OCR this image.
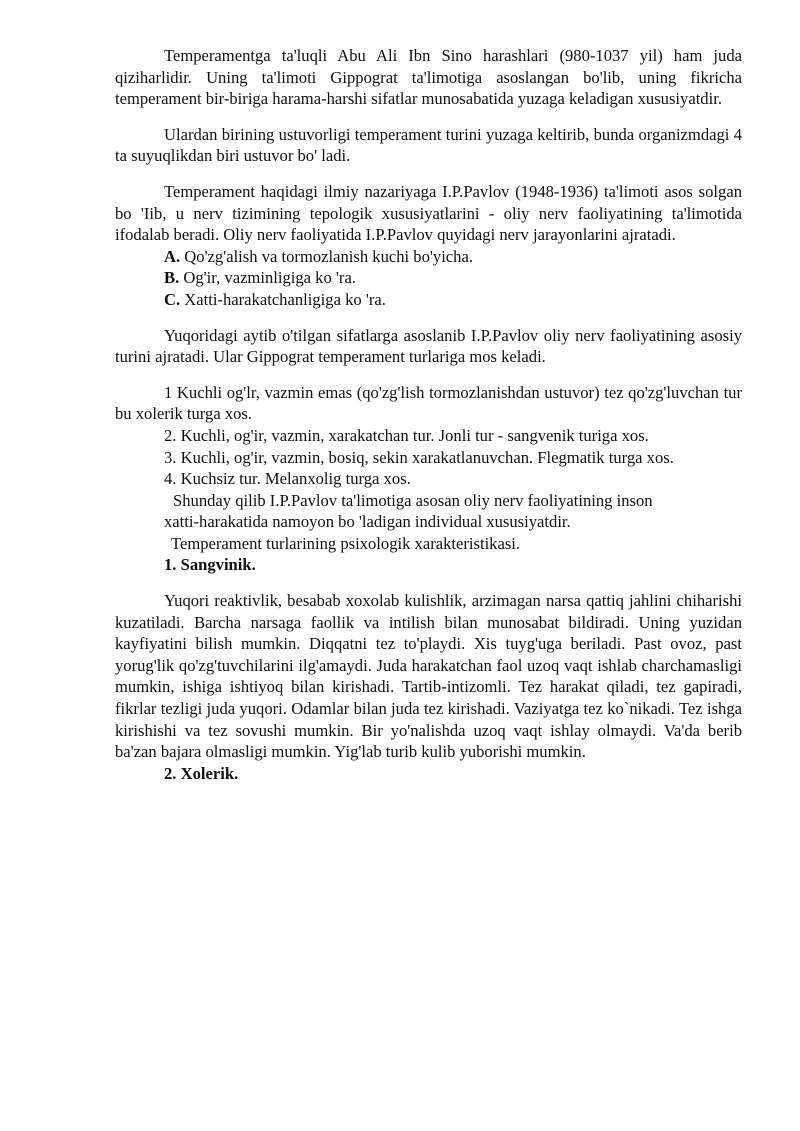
Temperamentga ta'luqli Abu Ali Ibn Sino harashlari (980-1037 yil) ham juda qiziharlidir. Uning ta'limoti Gippograt ta'limotiga asoslangan bo'lib, uning fikricha temperament bir-biriga harama-harshi sifatlar munosabatida yuzaga keladigan xususiyatdir.

Ulardan birining ustuvorligi temperament turini yuzaga keltirib, bunda organizmdagi 4 ta suyuqlikdan biri ustuvor bo' ladi.

Temperament haqidagi ilmiy nazariyaga I.P.Pavlov (1948-1936) ta'limoti asos solgan bo 'Iib, u nerv tizimining tepologik xususiyatlarini - oliy nerv faoliyatining ta'limotida ifodalab beradi. Oliy nerv faoliyatida I.P.Pavlov quyidagi nerv jarayonlarini ajratadi.

A. Qo'zg'alish va tormozlanish kuchi bo'yicha.

B. Og'ir, vazminligiga ko 'ra.

C. Xatti-harakatchanligiga ko 'ra.

Yuqoridagi aytib o'tilgan sifatlarga asoslanib I.P.Pavlov oliy nerv faoliyatining asosiy turini ajratadi. Ular Gippograt temperament turlariga mos keladi.

1 Kuchli og'lr, vazmin emas (qo'zg'lish tormozlanishdan ustuvor) tez qo'zg'luvchan tur bu xolerik turga xos.

2. Kuchli, og'ir, vazmin, xarakatchan tur. Jonli tur - sangvenik turiga xos.

3. Kuchli, og'ir, vazmin, bosiq, sekin xarakatlanuvchan. Flegmatik turga xos.

4. Kuchsiz tur. Melanxolig turga xos.

Shunday qilib I.P.Pavlov ta'limotiga asosan oliy nerv faoliyatining inson

xatti-harakatida namoyon bo 'ladigan individual xususiyatdir.

Temperament turlarining psixologik xarakteristikasi.

1. Sangvinik.

Yuqori reaktivlik, besabab xoxolab kulishlik, arzimagan narsa qattiq jahlini chiharishi kuzatiladi. Barcha narsaga faollik va intilish bilan munosabat bildiradi. Uning yuzidan kayfiyatini bilish mumkin. Diqqatni tez to'playdi. Xis tuyg'uga beriladi. Past ovoz, past yorug'lik qo'zg'tuvchilarini ilg'amaydi. Juda harakatchan faol uzoq vaqt ishlab charchamasligi mumkin, ishiga ishtiyoq bilan kirishadi. Tartib-intizomli. Tez harakat qiladi, tez gapiradi, fikrlar tezligi juda yuqori. Odamlar bilan juda tez kirishadi. Vaziyatga tez ko`nikadi. Tez ishga kirishishi va tez sovushi mumkin. Bir yo'nalishda uzoq vaqt ishlay olmaydi. Va'da berib ba'zan bajara olmasligi mumkin. Yig'lab turib kulib yuborishi mumkin.

2. Xolerik.
